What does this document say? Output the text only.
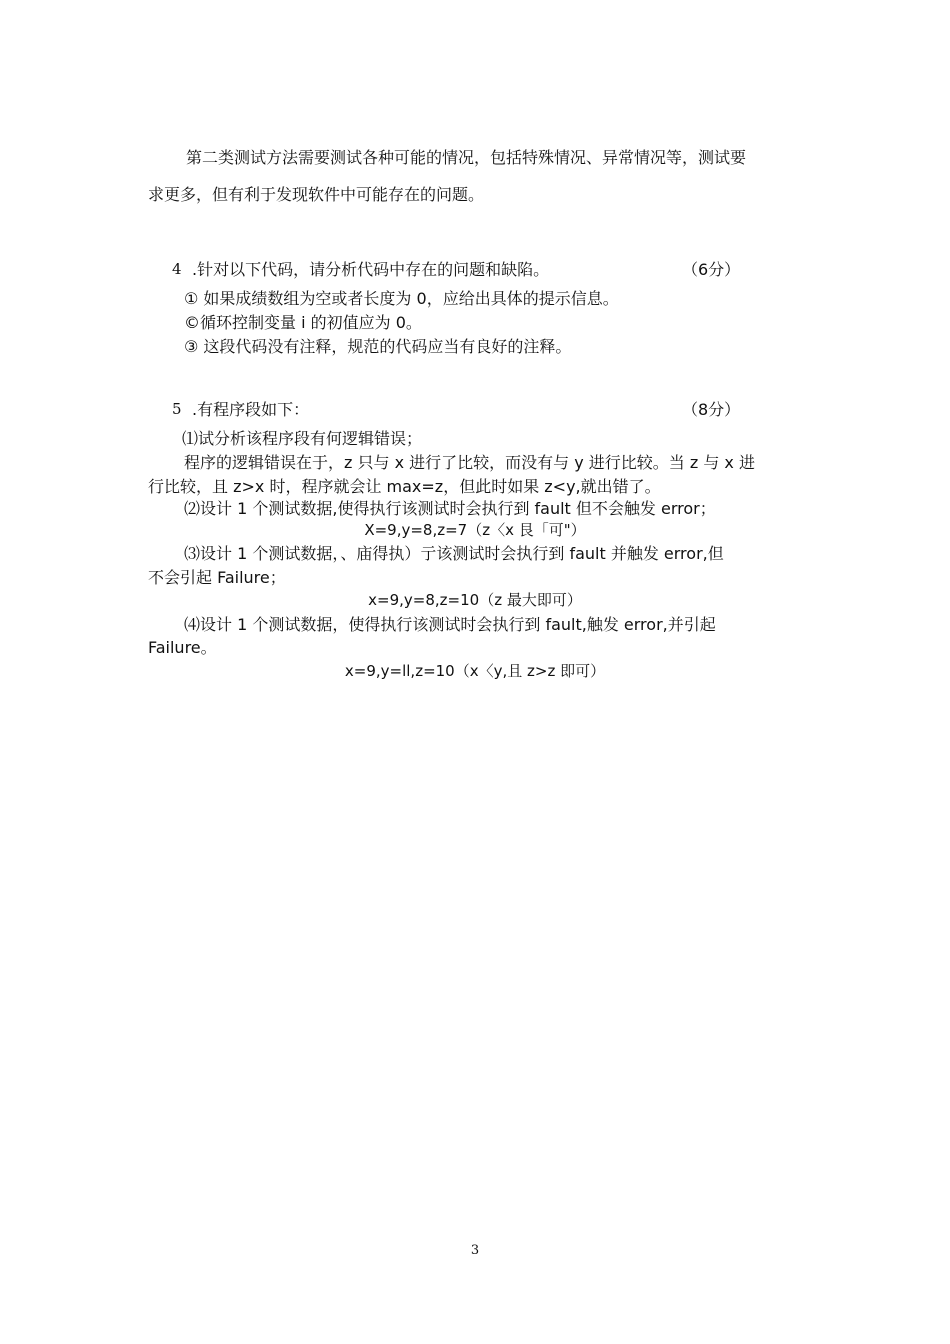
第二类测试方法需要测试各种可能的情况，包括特殊情况、异常情况等，测试要
求更多，但有利于发现软件中可能存在的问题。
4 .针对以下代码，请分析代码中存在的问题和缺陷。	（6分）
① 如果成绩数组为空或者长度为 0，应给出具体的提示信息。
©循环控制变量 i 的初值应为 0。
③ 这段代码没有注释，规范的代码应当有良好的注释。
5 .有程序段如下：	（8分）
⑴试分析该程序段有何逻辑错误；
程序的逻辑错误在于，z 只与 x 进行了比较，而没有与 y 进行比较。当 z 与 x 进
行比较，且 z>x 时，程序就会让 max=z，但此时如果 z<y,就出错了。
⑵设计 1 个测试数据,使得执行该测试时会执行到 fault 但不会触发 error；
X=9,y=8,z=7（z〈x 艮「可"）
⑶设计 1 个测试数据，、庙得执）亍该测试时会执行到 fault 并触发 error,但
不会引起 Failure；
x=9,y=8,z=10（z 最大即可）
⑷设计 1 个测试数据，使得执行该测试时会执行到 fault,触发 error,并引起
Failure。
x=9,y=ll,z=10（x〈y,且 z>z 即可）
3
